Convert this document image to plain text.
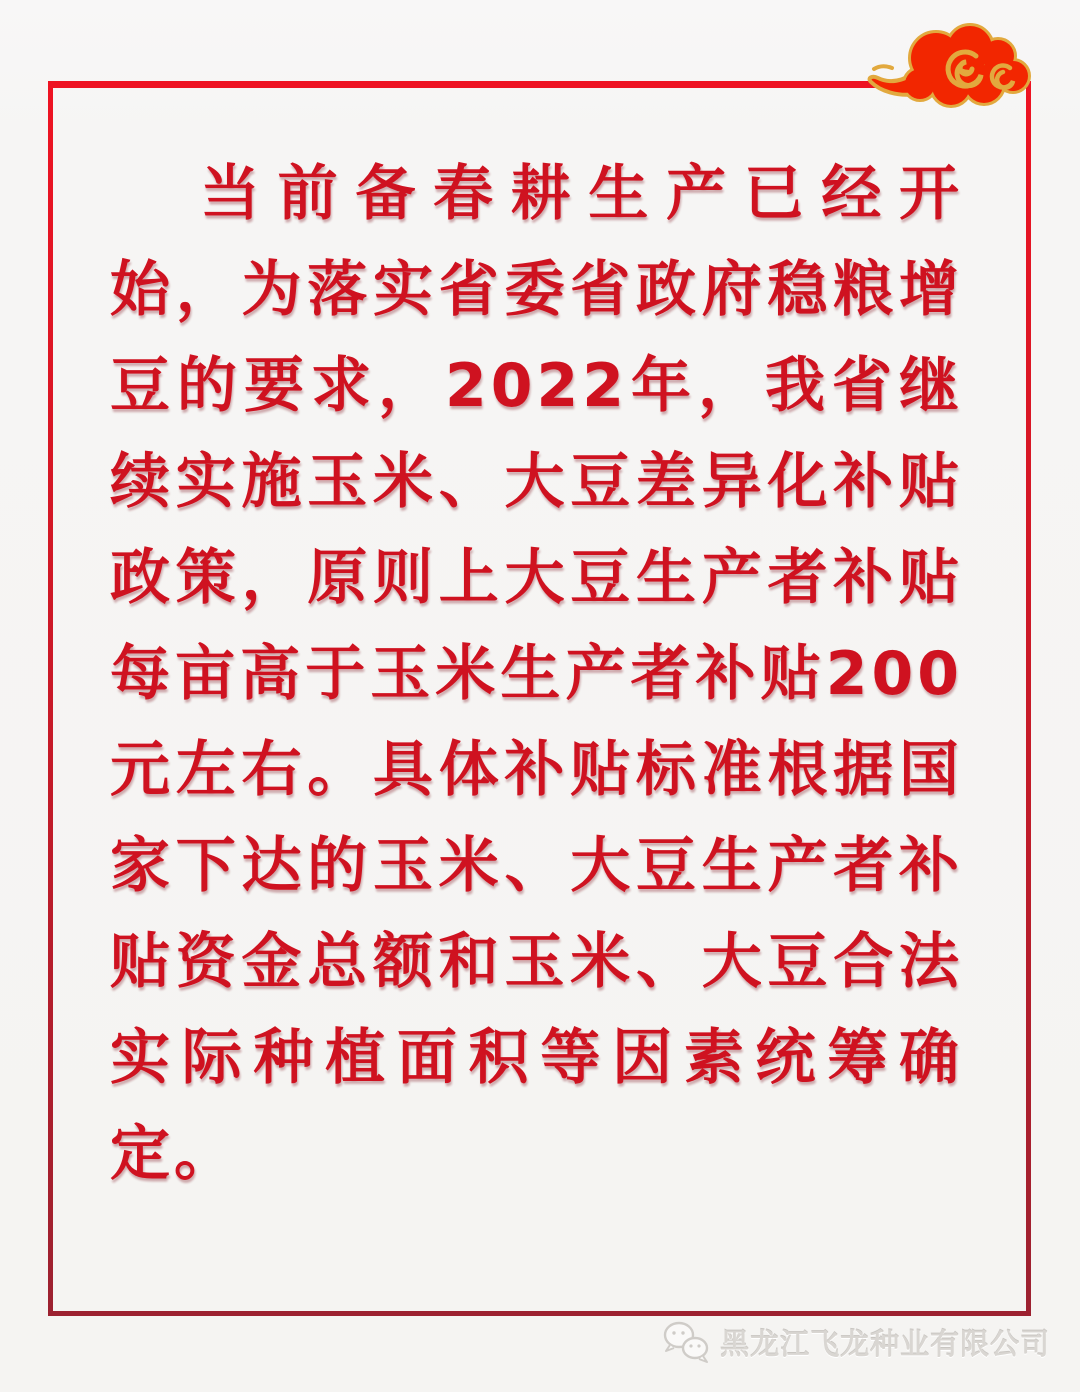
当前备春耕生产已经开始，为落实省委省政府稳粮增豆的要求，2022年，我省继续实施玉米、大豆差异化补贴政策，原则上大豆生产者补贴每亩高于玉米生产者补贴200元左右。具体补贴标准根据国家下达的玉米、大豆生产者补贴资金总额和玉米、大豆合法实际种植面积等因素统筹确定。

黑龙江飞龙种业有限公司
